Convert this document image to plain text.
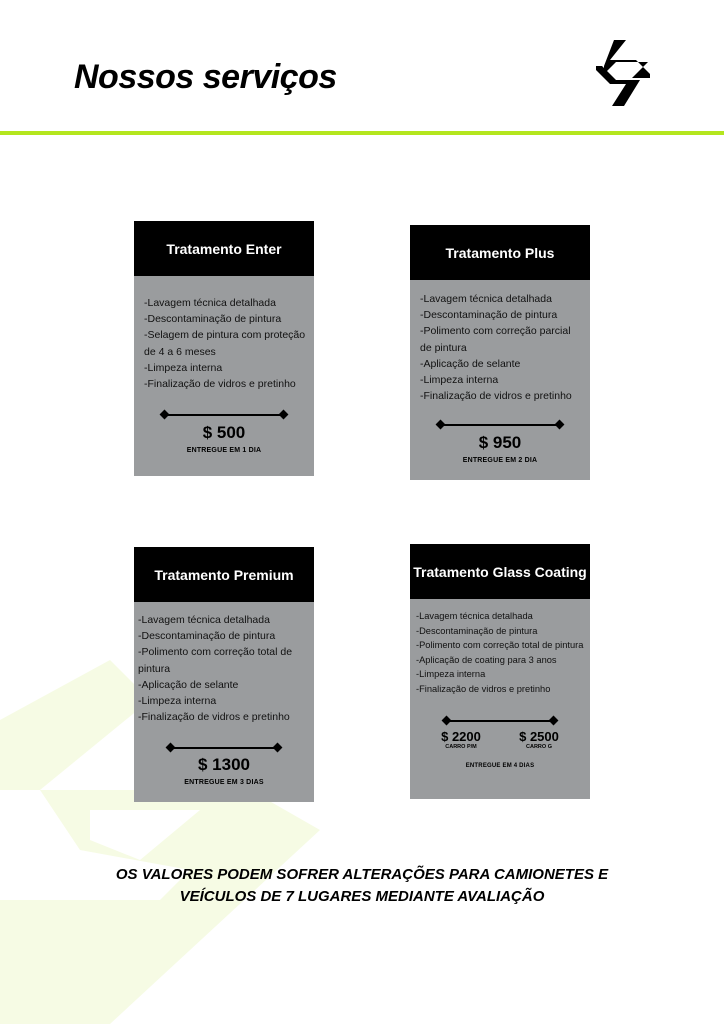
Nossos serviços
Tratamento Enter
-Lavagem técnica detalhada
-Descontaminação de pintura
-Selagem de pintura com proteção
de 4 a 6 meses
-Limpeza interna
-Finalização de vidros e pretinho
$ 500
ENTREGUE EM 1 DIA
Tratamento Plus
-Lavagem técnica detalhada
-Descontaminação de pintura
-Polimento com correção parcial
de pintura
-Aplicação de selante
-Limpeza interna
-Finalização de vidros e pretinho
$ 950
ENTREGUE EM 2 DIA
Tratamento Premium
-Lavagem técnica detalhada
-Descontaminação de pintura
-Polimento com correção total de
pintura
-Aplicação de selante
-Limpeza interna
-Finalização de vidros e pretinho
$ 1300
ENTREGUE EM 3 DIAS
Tratamento Glass Coating
-Lavagem técnica detalhada
-Descontaminação de pintura
-Polimento com correção total de pintura
-Aplicação de coating para 3 anos
-Limpeza interna
-Finalização de vidros e pretinho
$ 2200
CARRO P/M
$ 2500
CARRO G
ENTREGUE EM 4 DIAS

OS VALORES PODEM SOFRER ALTERAÇÕES PARA CAMIONETES E
VEÍCULOS DE 7 LUGARES MEDIANTE AVALIAÇÃO
